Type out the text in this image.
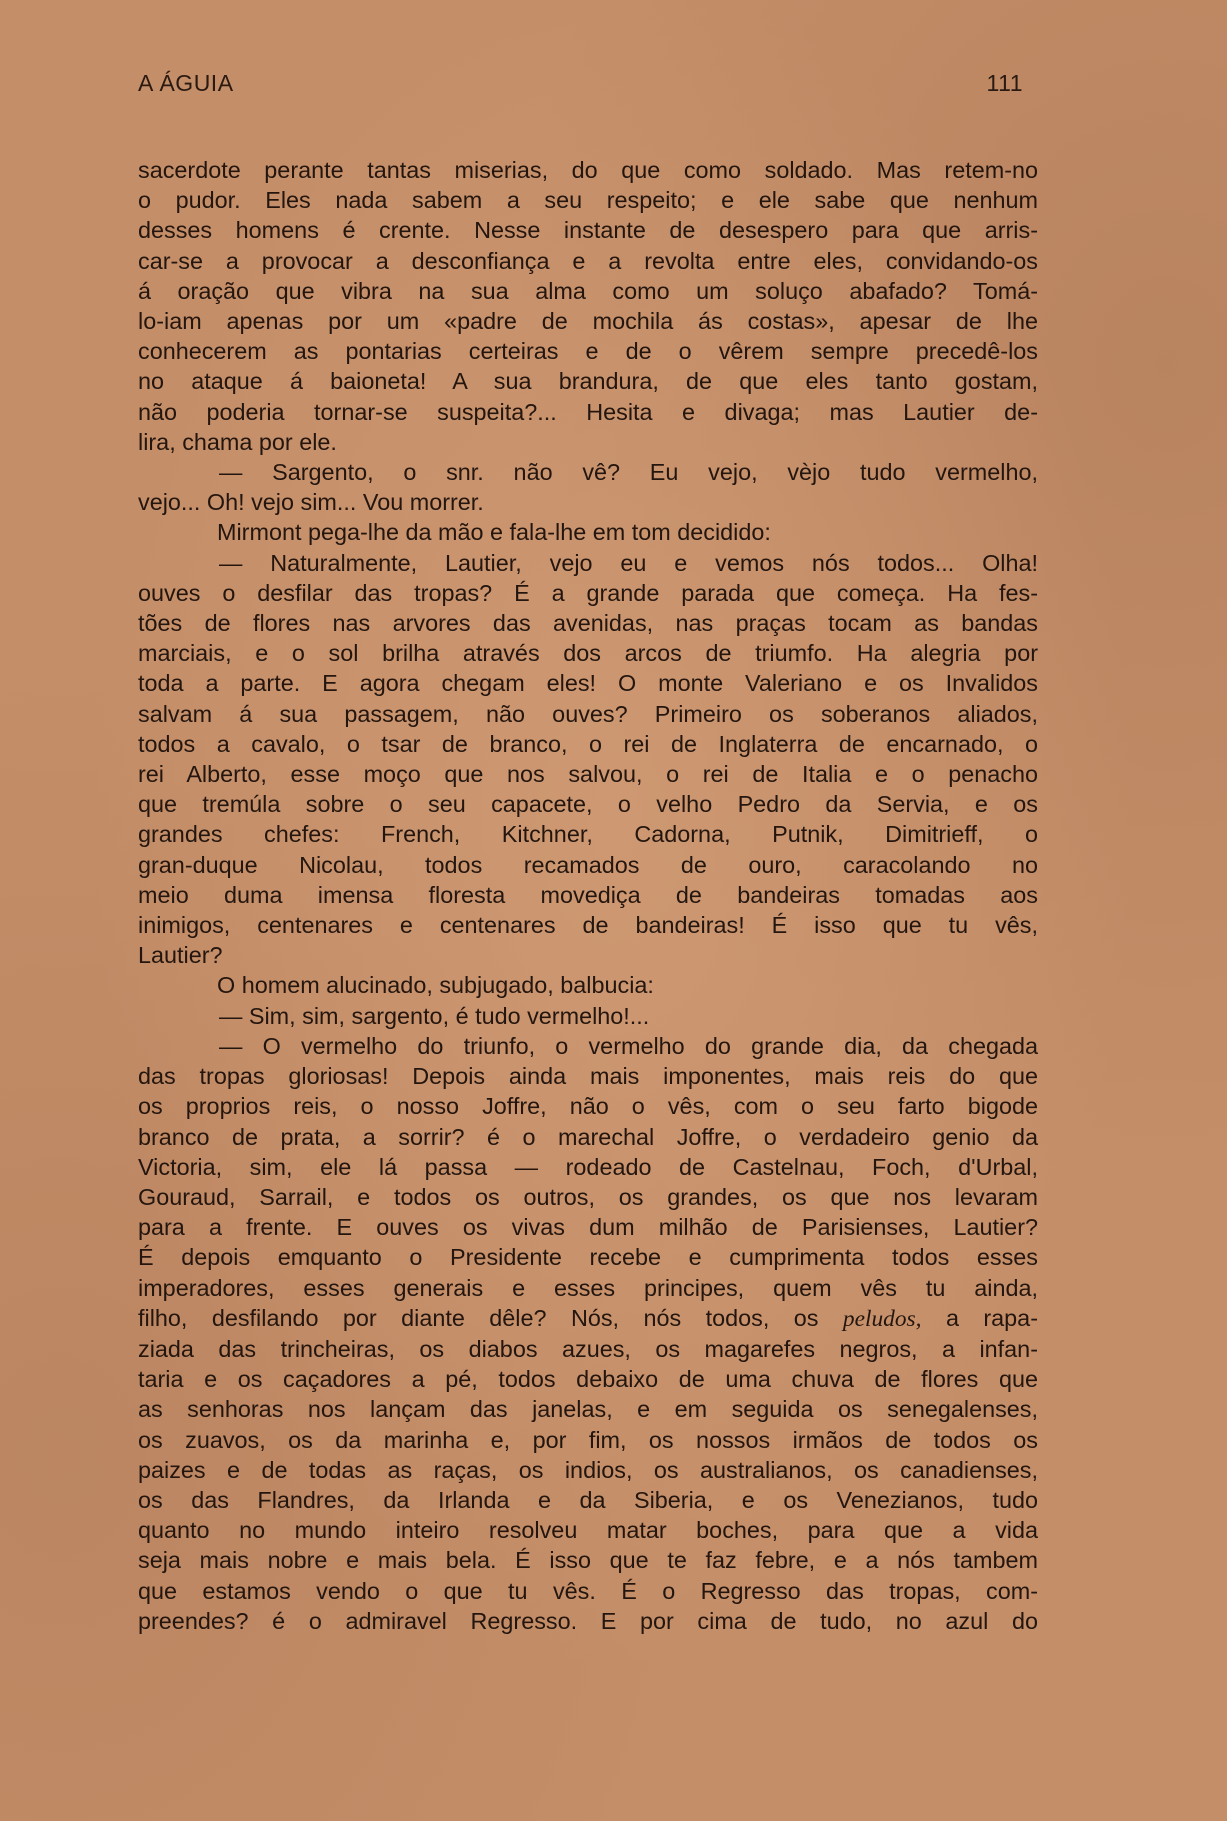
A ÁGUIA	111
sacerdote perante tantas miserias, do que como soldado. Mas retem-no
o pudor. Eles nada sabem a seu respeito; e ele sabe que nenhum
desses homens é crente. Nesse instante de desespero para que arris-
car-se a provocar a desconfiança e a revolta entre eles, convidando-os
á oração que vibra na sua alma como um soluço abafado? Tomá-
lo-iam apenas por um «padre de mochila ás costas», apesar de lhe
conhecerem as pontarias certeiras e de o vêrem sempre precedê-los
no ataque á baioneta! A sua brandura, de que eles tanto gostam,
não poderia tornar-se suspeita?... Hesita e divaga; mas Lautier de-
lira, chama por ele.
— Sargento, o snr. não vê? Eu vejo, vèjo tudo vermelho,
vejo... Oh! vejo sim... Vou morrer.
Mirmont pega-lhe da mão e fala-lhe em tom decidido:
— Naturalmente, Lautier, vejo eu e vemos nós todos... Olha!
ouves o desfilar das tropas? É a grande parada que começa. Ha fes-
tões de flores nas arvores das avenidas, nas praças tocam as bandas
marciais, e o sol brilha através dos arcos de triumfo. Ha alegria por
toda a parte. E agora chegam eles! O monte Valeriano e os Invalidos
salvam á sua passagem, não ouves? Primeiro os soberanos aliados,
todos a cavalo, o tsar de branco, o rei de Inglaterra de encarnado, o
rei Alberto, esse moço que nos salvou, o rei de Italia e o penacho
que tremúla sobre o seu capacete, o velho Pedro da Servia, e os
grandes chefes: French, Kitchner, Cadorna, Putnik, Dimitrieff, o
gran-duque Nicolau, todos recamados de ouro, caracolando no
meio duma imensa floresta movediça de bandeiras tomadas aos
inimigos, centenares e centenares de bandeiras! É isso que tu vês,
Lautier?
O homem alucinado, subjugado, balbucia:
— Sim, sim, sargento, é tudo vermelho!...
— O vermelho do triunfo, o vermelho do grande dia, da chegada
das tropas gloriosas! Depois ainda mais imponentes, mais reis do que
os proprios reis, o nosso Joffre, não o vês, com o seu farto bigode
branco de prata, a sorrir? é o marechal Joffre, o verdadeiro genio da
Victoria, sim, ele lá passa — rodeado de Castelnau, Foch, d'Urbal,
Gouraud, Sarrail, e todos os outros, os grandes, os que nos levaram
para a frente. E ouves os vivas dum milhão de Parisienses, Lautier?
É depois emquanto o Presidente recebe e cumprimenta todos esses
imperadores, esses generais e esses principes, quem vês tu ainda,
filho, desfilando por diante dêle? Nós, nós todos, os peludos, a rapa-
ziada das trincheiras, os diabos azues, os magarefes negros, a infan-
taria e os caçadores a pé, todos debaixo de uma chuva de flores que
as senhoras nos lançam das janelas, e em seguida os senegalenses,
os zuavos, os da marinha e, por fim, os nossos irmãos de todos os
paizes e de todas as raças, os indios, os australianos, os canadienses,
os das Flandres, da Irlanda e da Siberia, e os Venezianos, tudo
quanto no mundo inteiro resolveu matar boches, para que a vida
seja mais nobre e mais bela. É isso que te faz febre, e a nós tambem
que estamos vendo o que tu vês. É o Regresso das tropas, com-
preendes? é o admiravel Regresso. E por cima de tudo, no azul do
